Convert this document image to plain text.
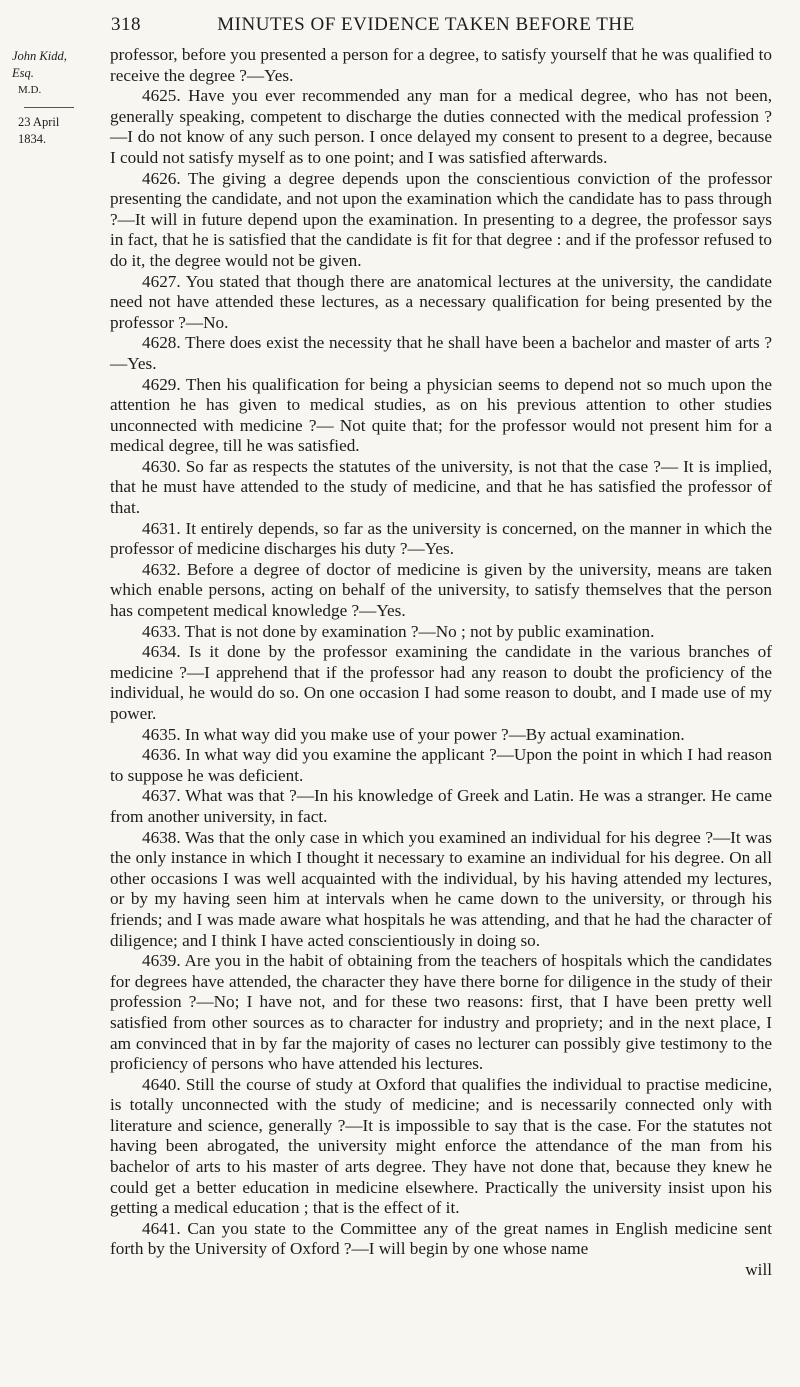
318	MINUTES OF EVIDENCE TAKEN BEFORE THE
John Kidd, Esq.
M.D.
23 April 1834.

professor, before you presented a person for a degree, to satisfy yourself that he was qualified to receive the degree ?—Yes.

4625. Have you ever recommended any man for a medical degree, who has not been, generally speaking, competent to discharge the duties connected with the medical profession ?—I do not know of any such person. I once delayed my consent to present to a degree, because I could not satisfy myself as to one point; and I was satisfied afterwards.

4626. The giving a degree depends upon the conscientious conviction of the professor presenting the candidate, and not upon the examination which the candidate has to pass through ?—It will in future depend upon the examination. In presenting to a degree, the professor says in fact, that he is satisfied that the candidate is fit for that degree : and if the professor refused to do it, the degree would not be given.

4627. You stated that though there are anatomical lectures at the university, the candidate need not have attended these lectures, as a necessary qualification for being presented by the professor ?—No.

4628. There does exist the necessity that he shall have been a bachelor and master of arts ?—Yes.

4629. Then his qualification for being a physician seems to depend not so much upon the attention he has given to medical studies, as on his previous attention to other studies unconnected with medicine ?— Not quite that; for the professor would not present him for a medical degree, till he was satisfied.

4630. So far as respects the statutes of the university, is not that the case ?— It is implied, that he must have attended to the study of medicine, and that he has satisfied the professor of that.

4631. It entirely depends, so far as the university is concerned, on the manner in which the professor of medicine discharges his duty ?—Yes.

4632. Before a degree of doctor of medicine is given by the university, means are taken which enable persons, acting on behalf of the university, to satisfy themselves that the person has competent medical knowledge ?—Yes.

4633. That is not done by examination ?—No ; not by public examination.

4634. Is it done by the professor examining the candidate in the various branches of medicine ?—I apprehend that if the professor had any reason to doubt the proficiency of the individual, he would do so. On one occasion I had some reason to doubt, and I made use of my power.

4635. In what way did you make use of your power ?—By actual examination.

4636. In what way did you examine the applicant ?—Upon the point in which I had reason to suppose he was deficient.

4637. What was that ?—In his knowledge of Greek and Latin. He was a stranger. He came from another university, in fact.

4638. Was that the only case in which you examined an individual for his degree ?—It was the only instance in which I thought it necessary to examine an individual for his degree. On all other occasions I was well acquainted with the individual, by his having attended my lectures, or by my having seen him at intervals when he came down to the university, or through his friends; and I was made aware what hospitals he was attending, and that he had the character of diligence; and I think I have acted conscientiously in doing so.

4639. Are you in the habit of obtaining from the teachers of hospitals which the candidates for degrees have attended, the character they have there borne for diligence in the study of their profession ?—No; I have not, and for these two reasons: first, that I have been pretty well satisfied from other sources as to character for industry and propriety; and in the next place, I am convinced that in by far the majority of cases no lecturer can possibly give testimony to the proficiency of persons who have attended his lectures.

4640. Still the course of study at Oxford that qualifies the individual to practise medicine, is totally unconnected with the study of medicine; and is necessarily connected only with literature and science, generally ?—It is impossible to say that is the case. For the statutes not having been abrogated, the university might enforce the attendance of the man from his bachelor of arts to his master of arts degree. They have not done that, because they knew he could get a better education in medicine elsewhere. Practically the university insist upon his getting a medical education ; that is the effect of it.

4641. Can you state to the Committee any of the great names in English medicine sent forth by the University of Oxford ?—I will begin by one whose name

will
